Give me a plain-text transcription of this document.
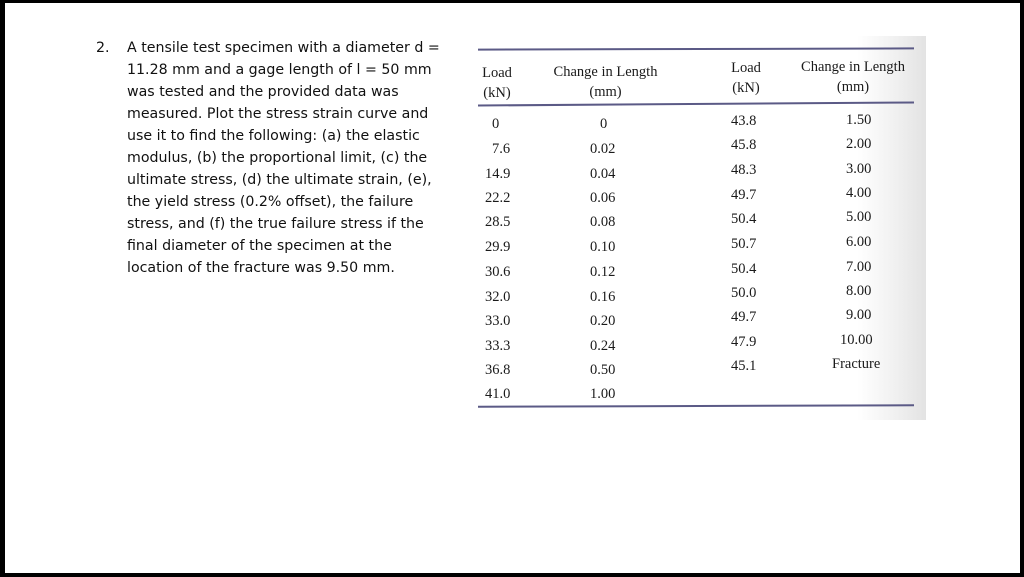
2. A tensile test specimen with a diameter d =
11.28 mm and a gage length of l = 50 mm
was tested and the provided data was
measured. Plot the stress strain curve and
use it to find the following: (a) the elastic
modulus, (b) the proportional limit, (c) the
ultimate stress, (d) the ultimate strain, (e),
the yield stress (0.2% offset), the failure
stress, and (f) the true failure stress if the
final diameter of the specimen at the
location of the fracture was 9.50 mm.
Load
(kN)
0
7.6
14.9
22.2
28.5
29.9
30.6
32.0
33.0
33.3
36.8
41.0
Change in Length
(mm)
0
0.02
0.04
0.06
0.08
0.10
0.12
0.16
0.20
0.24
0.50
1.00
Load
(kN)
43.8
45.8
48.3
49.7
50.4
50.7
50.4
50.0
49.7
47.9
45.1
Change in Length
(mm)
1.50
2.00
3.00
4.00
5.00
6.00
7.00
8.00
9.00
10.00
Fracture
